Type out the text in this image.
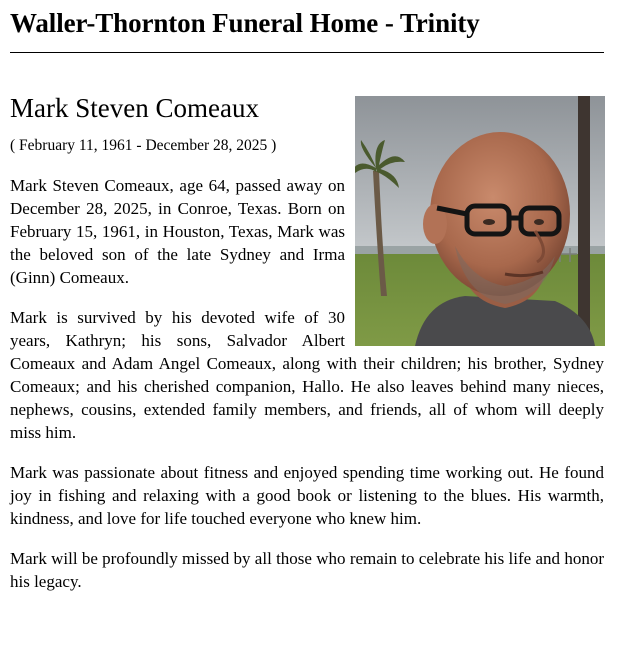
Waller-Thornton Funeral Home - Trinity
Mark Steven Comeaux

( February 11, 1961 - December 28, 2025 )

Mark Steven Comeaux, age 64, passed away on December 28, 2025, in Conroe, Texas. Born on February 15, 1961, in Houston, Texas, Mark was the beloved son of the late Sydney and Irma (Ginn) Comeaux.

Mark is survived by his devoted wife of 30 years, Kathryn; his sons, Salvador Albert Comeaux and Adam Angel Comeaux, along with their children; his brother, Sydney Comeaux; and his cherished companion, Hallo. He also leaves behind many nieces, nephews, cousins, extended family members, and friends, all of whom will deeply miss him.

Mark was passionate about fitness and enjoyed spending time working out. He found joy in fishing and relaxing with a good book or listening to the blues. His warmth, kindness, and love for life touched everyone who knew him.

Mark will be profoundly missed by all those who remain to celebrate his life and honor his legacy.
